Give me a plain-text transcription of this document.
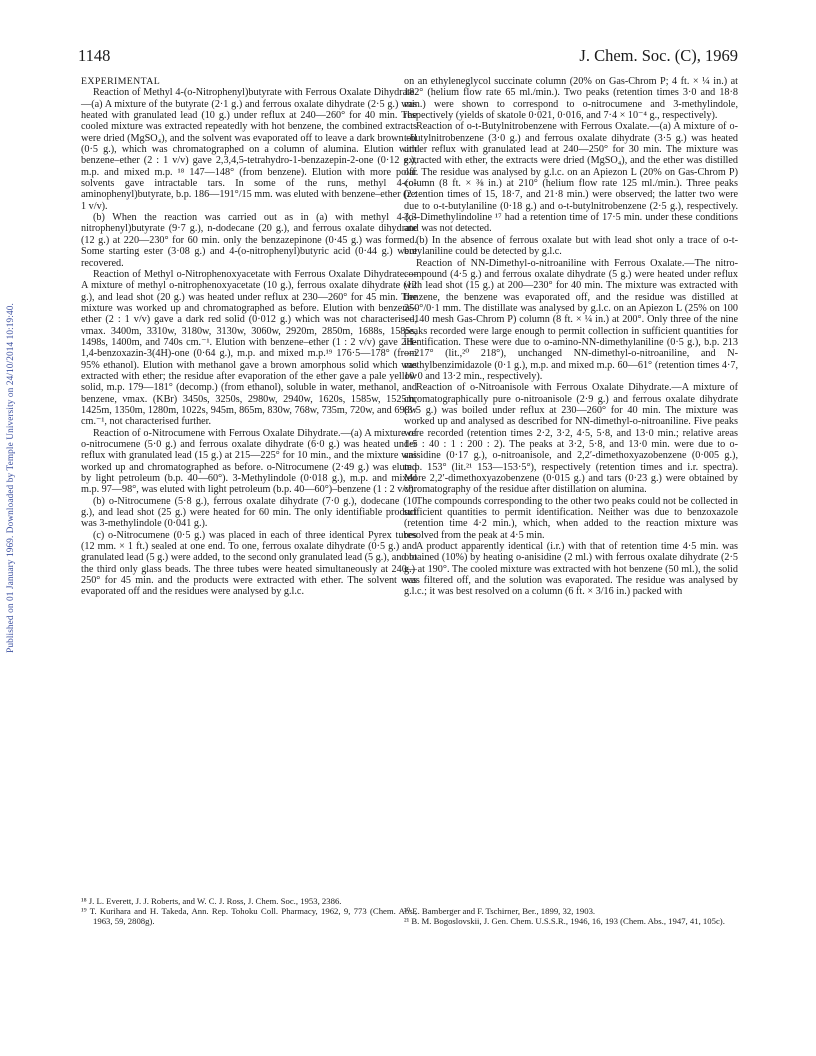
Published on 01 January 1969. Downloaded by Temple University on 24/10/2014 10:19:40.
1148	J. Chem. Soc. (C), 1969

EXPERIMENTAL

Reaction of Methyl 4-(o-Nitrophenyl)butyrate with Ferrous Oxalate Dihydrate.—(a) A mixture of the butyrate (2·1 g.) and ferrous oxalate dihydrate (2·5 g.) was heated with granulated lead (10 g.) under reflux at 240—260° for 40 min. The cooled mixture was extracted repeatedly with hot benzene, the combined extracts were dried (MgSO₄), and the solvent was evaporated off to leave a dark brown oil (0·5 g.), which was chromatographed on a column of alumina. Elution with benzene–ether (2 : 1 v/v) gave 2,3,4,5-tetrahydro-1-benzazepin-2-one (0·12 g.), m.p. and mixed m.p. ¹⁸ 147—148° (from benzene). Elution with more polar solvents gave intractable tars. In some of the runs, methyl 4-(o-aminophenyl)butyrate, b.p. 186—191°/15 mm. was eluted with benzene–ether (2 : 1 v/v).

(b) When the reaction was carried out as in (a) with methyl 4-(o-nitrophenyl)butyrate (9·7 g.), n-dodecane (20 g.), and ferrous oxalate dihydrate (12 g.) at 220—230° for 60 min. only the benzazepinone (0·45 g.) was formed. Some starting ester (3·08 g.) and 4-(o-nitrophenyl)butyric acid (0·44 g.) were recovered.

Reaction of Methyl o-Nitrophenoxyacetate with Ferrous Oxalate Dihydrate.—A mixture of methyl o-nitrophenoxyacetate (10 g.), ferrous oxalate dihydrate (12 g.), and lead shot (20 g.) was heated under reflux at 230—260° for 45 min. The mixture was worked up and chromatographed as before. Elution with benzene–ether (2 : 1 v/v) gave a dark red solid (0·012 g.) which was not characterised, νmax. 3400m, 3310w, 3180w, 3130w, 3060w, 2920m, 2850m, 1688s, 1585s, 1498s, 1400m, and 740s cm.⁻¹. Elution with benzene–ether (1 : 2 v/v) gave 2H-1,4-benzoxazin-3(4H)-one (0·64 g.), m.p. and mixed m.p.¹⁹ 176·5—178° (from 95% ethanol). Elution with methanol gave a brown amorphous solid which was extracted with ether; the residue after evaporation of the ether gave a pale yellow solid, m.p. 179—181° (decomp.) (from ethanol), soluble in water, methanol, and benzene, νmax. (KBr) 3450s, 3250s, 2980w, 2940w, 1620s, 1585w, 1525m, 1425m, 1350m, 1280m, 1022s, 945m, 865m, 830w, 768w, 735m, 720w, and 698w cm.⁻¹, not characterised further.

Reaction of o-Nitrocumene with Ferrous Oxalate Dihydrate.—(a) A mixture of o-nitrocumene (5·0 g.) and ferrous oxalate dihydrate (6·0 g.) was heated under reflux with granulated lead (15 g.) at 215—225° for 10 min., and the mixture was worked up and chromatographed as before. o-Nitrocumene (2·49 g.) was eluted by light petroleum (b.p. 40—60°). 3-Methylindole (0·018 g.), m.p. and mixed m.p. 97—98°, was eluted with light petroleum (b.p. 40—60°)–benzene (1 : 2 v/v).

(b) o-Nitrocumene (5·8 g.), ferrous oxalate dihydrate (7·0 g.), dodecane (10 g.), and lead shot (25 g.) were heated for 60 min. The only identifiable product was 3-methylindole (0·041 g.).

(c) o-Nitrocumene (0·5 g.) was placed in each of three identical Pyrex tubes (12 mm. × 1 ft.) sealed at one end. To one, ferrous oxalate dihydrate (0·5 g.) and granulated lead (5 g.) were added, to the second only granulated lead (5 g.), and to the third only glass beads. The three tubes were heated simultaneously at 240—250° for 45 min. and the products were extracted with ether. The solvent was evaporated off and the residues were analysed by g.l.c.

on an ethyleneglycol succinate column (20% on Gas-Chrom P; 4 ft. × ¼ in.) at 182° (helium flow rate 65 ml./min.). Two peaks (retention times 3·0 and 18·8 min.) were shown to correspond to o-nitrocumene and 3-methylindole, respectively (yields of skatole 0·021, 0·016, and 7·4 × 10⁻⁴ g., respectively).

Reaction of o-t-Butylnitrobenzene with Ferrous Oxalate.—(a) A mixture of o-t-butylnitrobenzene (3·0 g.) and ferrous oxalate dihydrate (3·5 g.) was heated under reflux with granulated lead at 240—250° for 30 min. The mixture was extracted with ether, the extracts were dried (MgSO₄), and the ether was distilled off. The residue was analysed by g.l.c. on an Apiezon L (20% on Gas-Chrom P) column (8 ft. × ⅜ in.) at 210° (helium flow rate 125 ml./min.). Three peaks (retention times of 15, 18·7, and 21·8 min.) were observed; the latter two were due to o-t-butylaniline (0·18 g.) and o-t-butylnitrobenzene (2·5 g.), respectively. 3,3-Dimethylindoline ¹⁷ had a retention time of 17·5 min. under these conditions and was not detected.

(b) In the absence of ferrous oxalate but with lead shot only a trace of o-t-butylaniline could be detected by g.l.c.

Reaction of NN-Dimethyl-o-nitroaniline with Ferrous Oxalate.—The nitro-compound (4·5 g.) and ferrous oxalate dihydrate (5 g.) were heated under reflux with lead shot (15 g.) at 200—230° for 40 min. The mixture was extracted with benzene, the benzene was evaporated off, and the residue was distilled at 250°/0·1 mm. The distillate was analysed by g.l.c. on an Apiezon L (25% on 100—140 mesh Gas-Chrom P) column (8 ft. × ¼ in.) at 200°. Only three of the nine peaks recorded were large enough to permit collection in sufficient quantities for identification. These were due to o-amino-NN-dimethylaniline (0·5 g.), b.p. 213—217° (lit.,²⁰ 218°), unchanged NN-dimethyl-o-nitroaniline, and N-methylbenzimidazole (0·1 g.), m.p. and mixed m.p. 60—61° (retention times 4·7, 10·0 and 13·2 min., respectively).

Reaction of o-Nitroanisole with Ferrous Oxalate Dihydrate.—A mixture of chromatographically pure o-nitroanisole (2·9 g.) and ferrous oxalate dihydrate (3·5 g.) was boiled under reflux at 230—260° for 40 min. The mixture was worked up and analysed as described for NN-dimethyl-o-nitroaniline. Five peaks were recorded (retention times 2·2, 3·2, 4·5, 5·8, and 13·0 min.; relative areas 1·5 : 40 : 1 : 200 : 2). The peaks at 3·2, 5·8, and 13·0 min. were due to o-anisidine (0·17 g.), o-nitroanisole, and 2,2′-dimethoxyazobenzene (0·005 g.), m.p. 153° (lit.²¹ 153—153·5°), respectively (retention times and i.r. spectra). More 2,2′-dimethoxyazobenzene (0·015 g.) and tars (0·23 g.) were obtained by chromatography of the residue after distillation on alumina.

The compounds corresponding to the other two peaks could not be collected in sufficient quantities to permit identification. Neither was due to benzoxazole (retention time 4·2 min.), which, when added to the reaction mixture was resolved from the peak at 4·5 min.

A product apparently identical (i.r.) with that of retention time 4·5 min. was obtained (10%) by heating o-anisidine (2 ml.) with ferrous oxalate dihydrate (2·5 g.) at 190°. The cooled mixture was extracted with hot benzene (50 ml.), the solid was filtered off, and the solution was evaporated. The residue was analysed by g.l.c.; it was best resolved on a column (6 ft. × 3/16 in.) packed with

¹⁸ J. L. Everett, J. J. Roberts, and W. C. J. Ross, J. Chem. Soc., 1953, 2386.

¹⁹ T. Kurihara and H. Takeda, Ann. Rep. Tohoku Coll. Pharmacy, 1962, 9, 773 (Chem. Abs., 1963, 59, 2808g).

²⁰ E. Bamberger and F. Tschirner, Ber., 1899, 32, 1903.

²¹ B. M. Bogoslovskii, J. Gen. Chem. U.S.S.R., 1946, 16, 193 (Chem. Abs., 1947, 41, 105c).
